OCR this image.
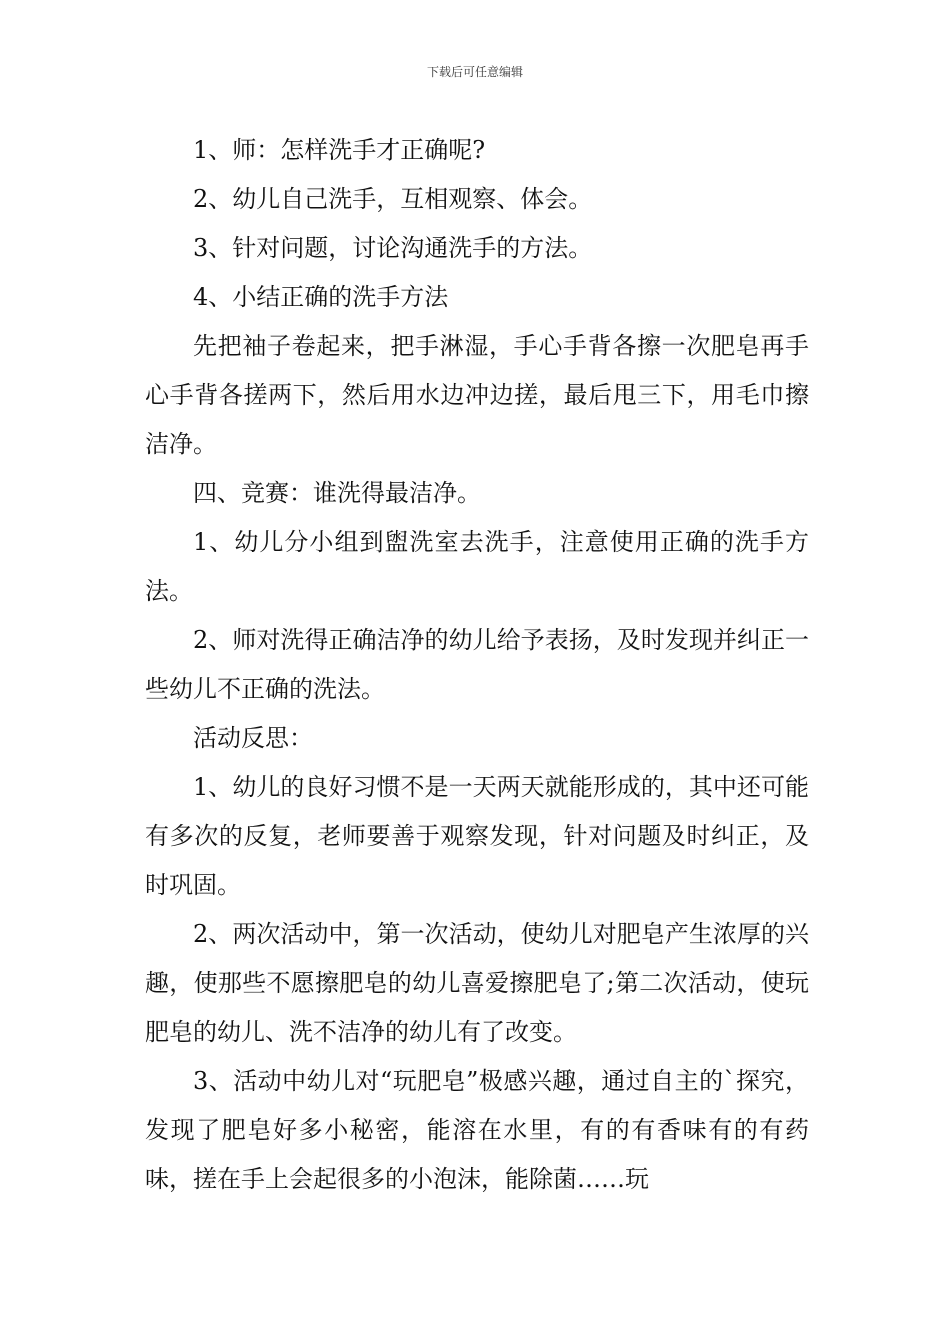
下载后可任意编辑

1、师：怎样洗手才正确呢?

2、幼儿自己洗手，互相观察、体会。

3、针对问题，讨论沟通洗手的方法。

4、小结正确的洗手方法

先把袖子卷起来，把手淋湿，手心手背各擦一次肥皂再手心手背各搓两下，然后用水边冲边搓，最后甩三下，用毛巾擦洁净。

四、竞赛：谁洗得最洁净。

1、幼儿分小组到盥洗室去洗手，注意使用正确的洗手方法。

2、师对洗得正确洁净的幼儿给予表扬，及时发现并纠正一些幼儿不正确的洗法。

活动反思：

1、幼儿的良好习惯不是一天两天就能形成的，其中还可能有多次的反复，老师要善于观察发现，针对问题及时纠正，及时巩固。

2、两次活动中，第一次活动，使幼儿对肥皂产生浓厚的兴趣，使那些不愿擦肥皂的幼儿喜爱擦肥皂了;第二次活动，使玩肥皂的幼儿、洗不洁净的幼儿有了改变。

3、活动中幼儿对“玩肥皂”极感兴趣，通过自主的`探究，发现了肥皂好多小秘密，能溶在水里，有的有香味有的有药味，搓在手上会起很多的小泡沫，能除菌……玩
